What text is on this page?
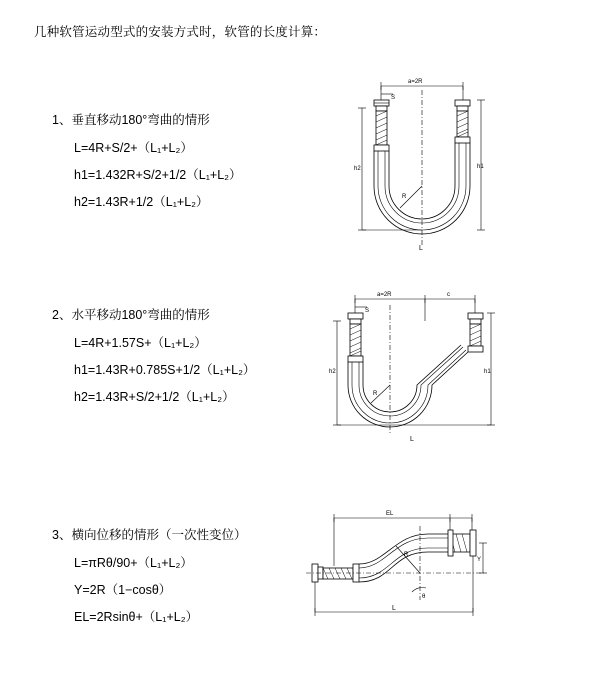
几种软管运动型式的安装方式时，软管的长度计算：
1、垂直移动180°弯曲的情形
L=4R+S/2+（L₁+L₂）
h1=1.432R+S/2+1/2（L₁+L₂）
h2=1.43R+1/2（L₁+L₂）
a=2R
R
h1
h2
L
S
2、水平移动180°弯曲的情形
L=4R+1.57S+（L₁+L₂）
h1=1.43R+0.785S+1/2（L₁+L₂）
h2=1.43R+S/2+1/2（L₁+L₂）
a=2R	c
R
h2	h1
L
S
3、横向位移的情形（一次性变位）
L=πRθ/90+（L₁+L₂）
Y=2R（1−cosθ）
EL=2Rsinθ+（L₁+L₂）
EL
Y
R
θ
L
